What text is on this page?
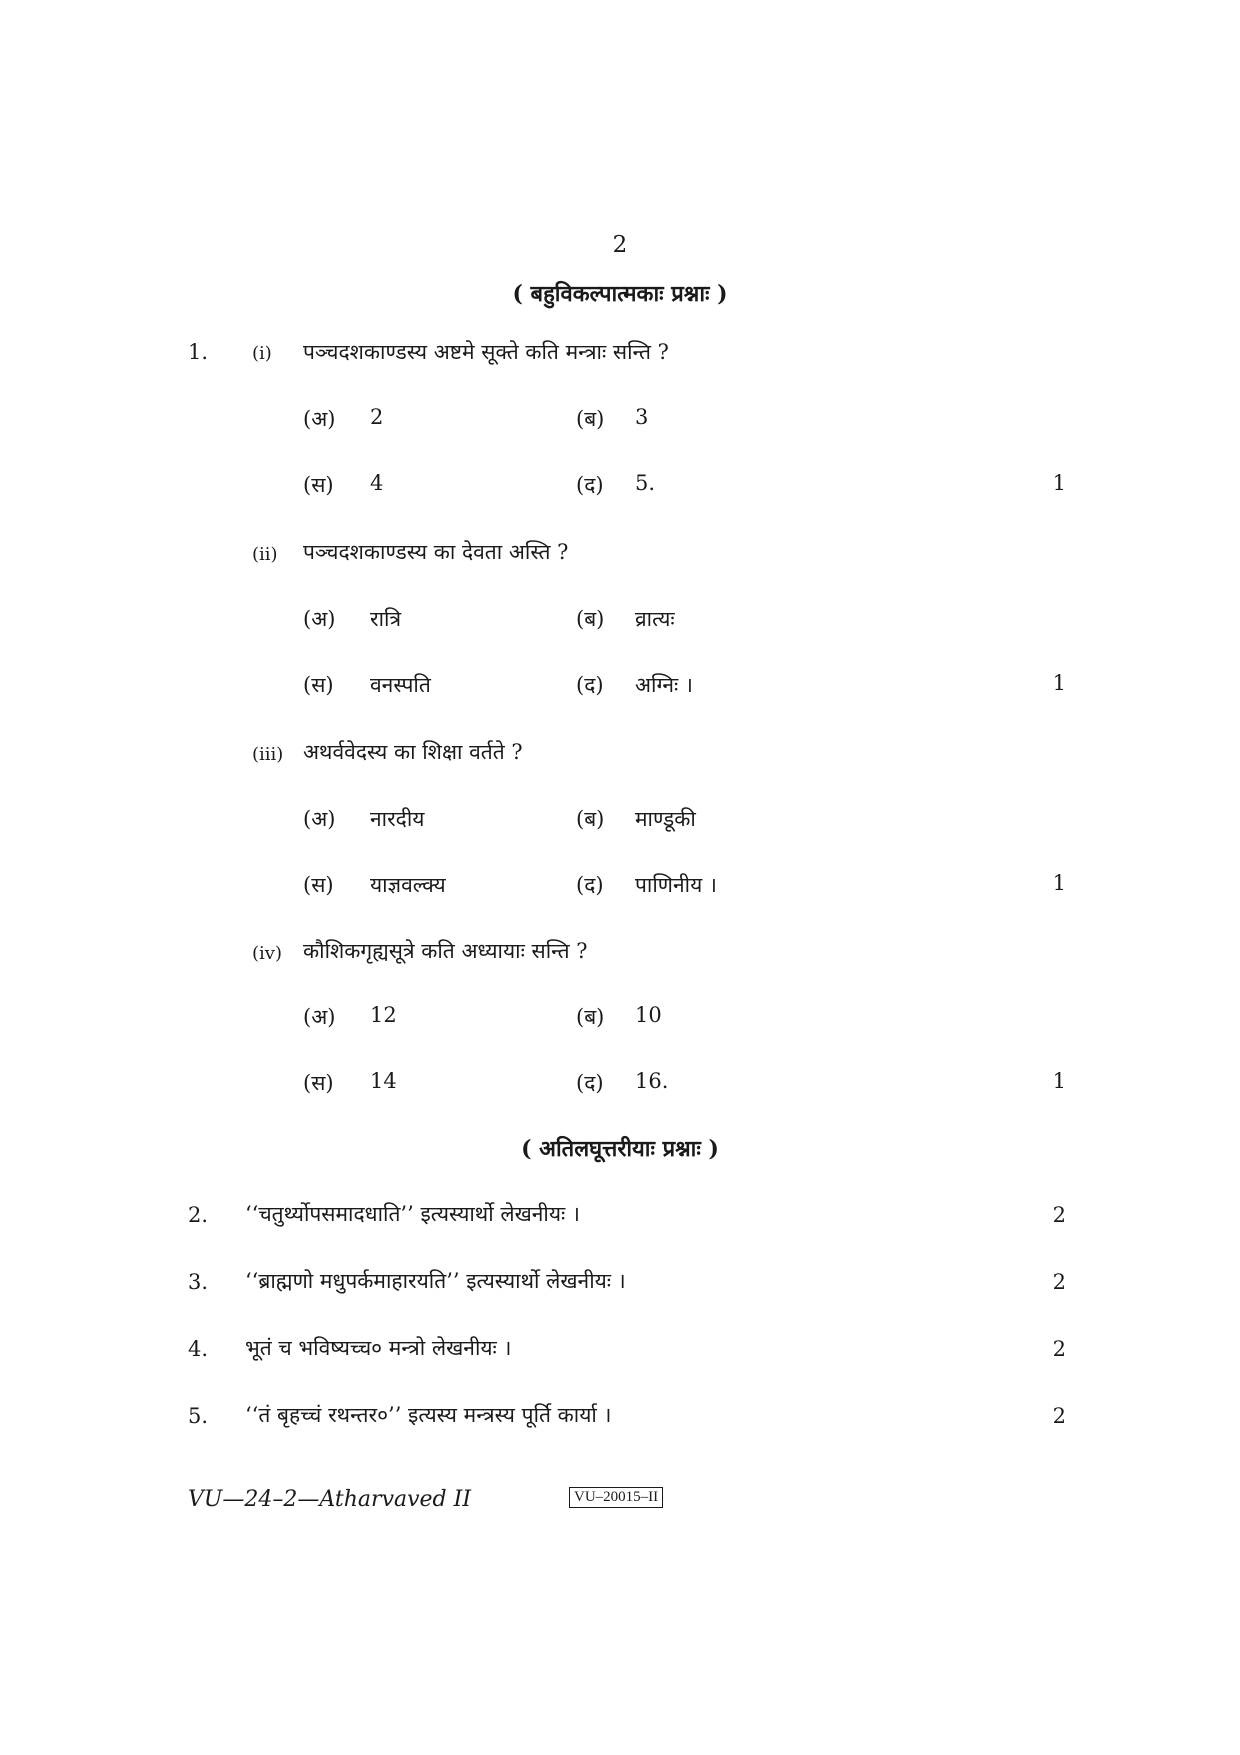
2
( बहुविकल्पात्मकाः प्रश्नाः )
1. (i) पञ्चदशकाण्डस्य अष्टमे सूक्ते कति मन्त्राः सन्ति ?
(अ) 2	(ब) 3
(स) 4	(द) 5.	1
(ii) पञ्चदशकाण्डस्य का देवता अस्ति ?
(अ) रात्रि	(ब) व्रात्यः
(स) वनस्पति	(द) अग्निः ।	1
(iii) अथर्ववेदस्य का शिक्षा वर्तते ?
(अ) नारदीय	(ब) माण्डूकी
(स) याज्ञवल्क्य	(द) पाणिनीय ।	1
(iv) कौशिकगृह्यसूत्रे कति अध्यायाः सन्ति ?
(अ) 12	(ब) 10
(स) 14	(द) 16.	1
( अतिलघूत्तरीयाः प्रश्नाः )
2. ‘‘चतुर्थ्योपसमादधाति’’ इत्यस्यार्थो लेखनीयः ।	2
3. ‘‘ब्राह्मणो मधुपर्कमाहारयति’’ इत्यस्यार्थो लेखनीयः ।	2
4. भूतं च भविष्यच्च० मन्त्रो लेखनीयः ।	2
5. ‘‘तं बृहच्चं रथन्तर०’’ इत्यस्य मन्त्रस्य पूर्ति कार्या ।	2
VU—24–2—Atharvaved II	VU–20015–II
